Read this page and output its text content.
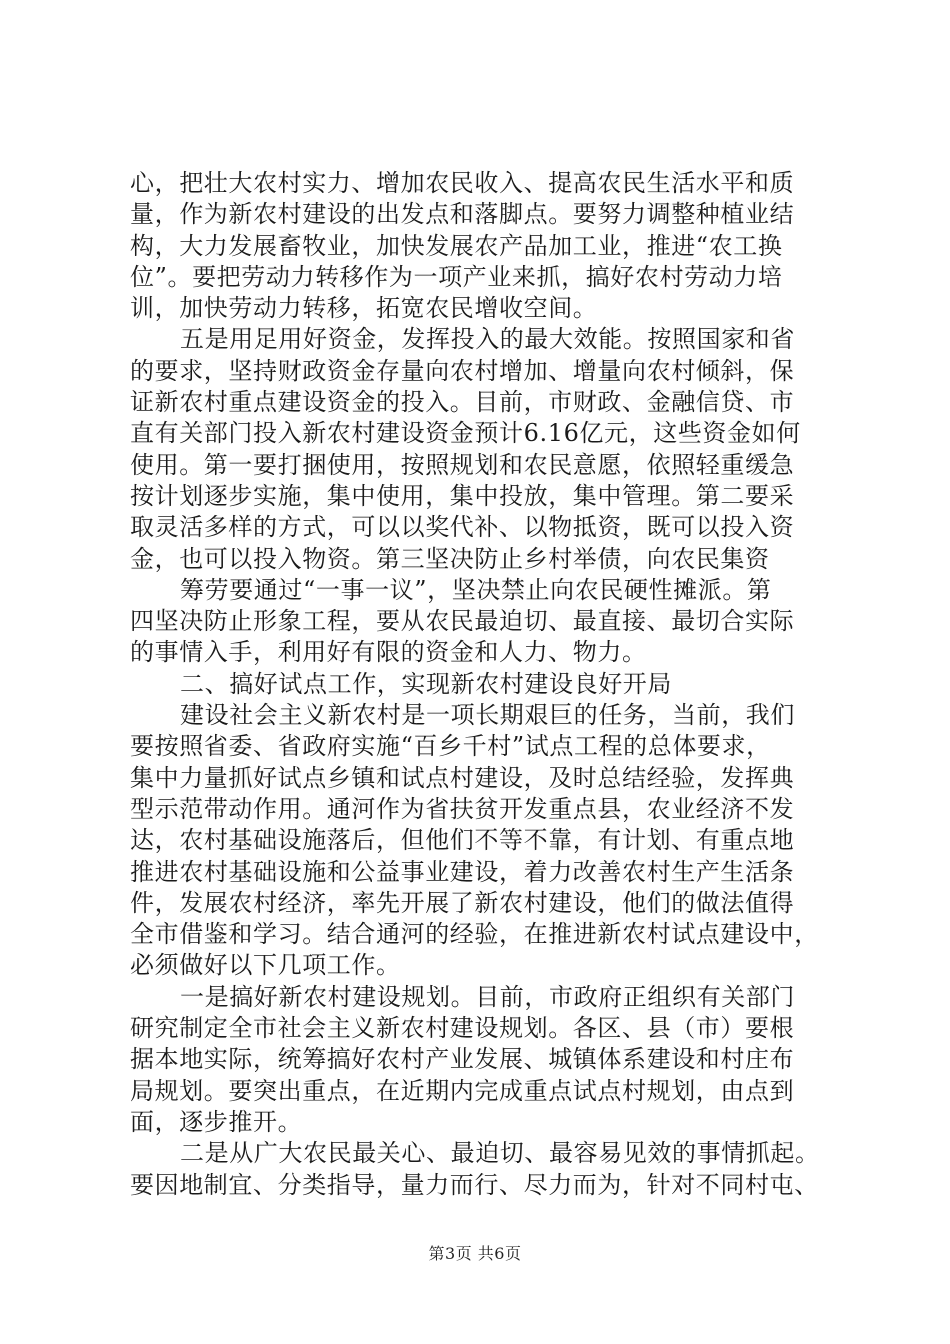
心，把壮大农村实力、增加农民收入、提高农民生活水平和质
量，作为新农村建设的出发点和落脚点。要努力调整种植业结
构，大力发展畜牧业，加快发展农产品加工业，推进“农工换
位”。要把劳动力转移作为一项产业来抓，搞好农村劳动力培
训，加快劳动力转移，拓宽农民增收空间。
五是用足用好资金，发挥投入的最大效能。按照国家和省
的要求，坚持财政资金存量向农村增加、增量向农村倾斜，保
证新农村重点建设资金的投入。目前，市财政、金融信贷、市
直有关部门投入新农村建设资金预计6.16亿元，这些资金如何
使用。第一要打捆使用，按照规划和农民意愿，依照轻重缓急
按计划逐步实施，集中使用，集中投放，集中管理。第二要采
取灵活多样的方式，可以以奖代补、以物抵资，既可以投入资
金，也可以投入物资。第三坚决防止乡村举债，向农民集资
筹劳要通过“一事一议”，坚决禁止向农民硬性摊派。第
四坚决防止形象工程，要从农民最迫切、最直接、最切合实际
的事情入手，利用好有限的资金和人力、物力。
二、搞好试点工作，实现新农村建设良好开局
建设社会主义新农村是一项长期艰巨的任务，当前，我们
要按照省委、省政府实施“百乡千村”试点工程的总体要求，
集中力量抓好试点乡镇和试点村建设，及时总结经验，发挥典
型示范带动作用。通河作为省扶贫开发重点县，农业经济不发
达，农村基础设施落后，但他们不等不靠，有计划、有重点地
推进农村基础设施和公益事业建设，着力改善农村生产生活条
件，发展农村经济，率先开展了新农村建设，他们的做法值得
全市借鉴和学习。结合通河的经验，在推进新农村试点建设中，
必须做好以下几项工作。
一是搞好新农村建设规划。目前，市政府正组织有关部门
研究制定全市社会主义新农村建设规划。各区、县（市）要根
据本地实际，统筹搞好农村产业发展、城镇体系建设和村庄布
局规划。要突出重点，在近期内完成重点试点村规划，由点到
面，逐步推开。
二是从广大农民最关心、最迫切、最容易见效的事情抓起。
要因地制宜、分类指导，量力而行、尽力而为，针对不同村屯、
第3页 共6页
